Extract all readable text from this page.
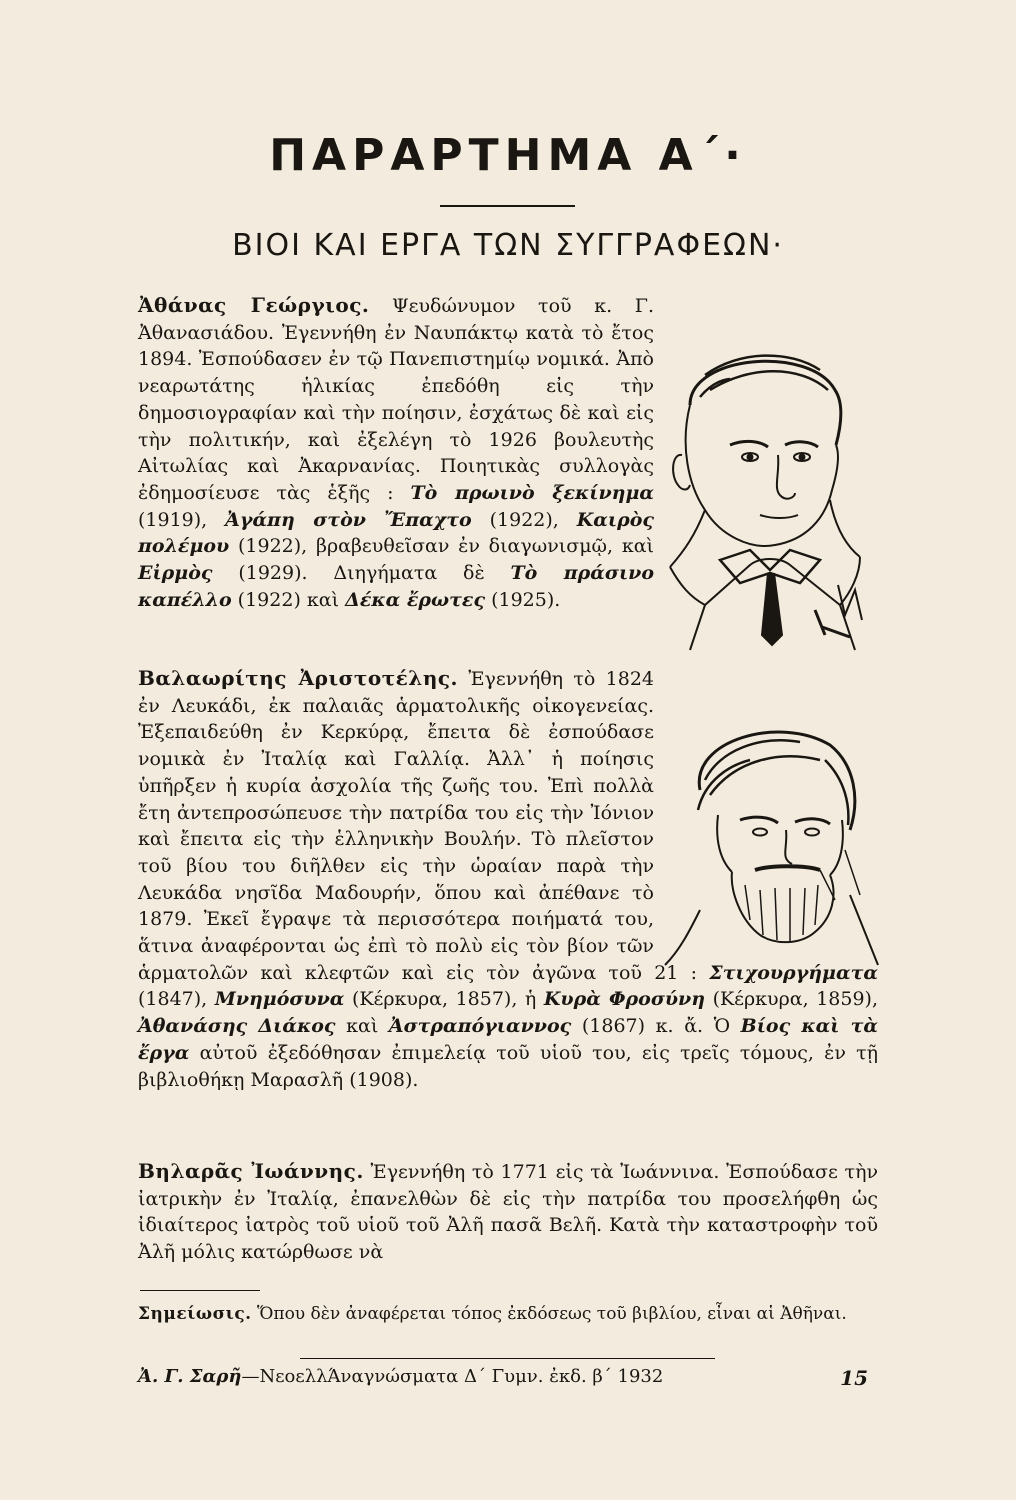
ΠΑΡΑΡΤΗΜΑ Α΄·
ΒΙΟΙ ΚΑΙ ΕΡΓΑ ΤΩΝ ΣΥΓΓΡΑΦΕΩΝ·
Ἀθάνας Γεώργιος. Ψευδώνυμον τοῦ κ. Γ. Ἀθανασιάδου. Ἐγεννήθη ἐν Ναυπάκτῳ κατὰ τὸ ἔτος 1894. Ἐσπούδασεν ἐν τῷ Πανεπιστημίῳ νομικά. Ἀπὸ νεαρωτάτης ἡλικίας ἐπεδόθη εἰς τὴν δημοσιογραφίαν καὶ τὴν ποίησιν, ἐσχάτως δὲ καὶ εἰς τὴν πολιτικήν, καὶ ἐξελέγη τὸ 1926 βουλευτὴς Αἰτωλίας καὶ Ἀκαρνανίας. Ποιητικὰς συλλογὰς ἐδημοσίευσε τὰς ἑξῆς : Τὸ πρωινὸ ξεκίνημα (1919), Ἀγάπη στὸν Ἔπαχτο (1922), Καιρὸς πολέμου (1922), βραβευθεῖσαν ἐν διαγωνισμῷ, καὶ Εἰρμὸς (1929). Διηγήματα δὲ Τὸ πράσινο καπέλλο (1922) καὶ Δέκα ἔρωτες (1925).
Βαλαωρίτης Ἀριστοτέλης. Ἐγεννήθη τὸ 1824 ἐν Λευκάδι, ἐκ παλαιᾶς ἁρματολικῆς οἰκογενείας. Ἐξεπαιδεύθη ἐν Κερκύρᾳ, ἔπειτα δὲ ἐσπούδασε νομικὰ ἐν Ἰταλίᾳ καὶ Γαλλίᾳ. Ἀλλ᾽ ἡ ποίησις ὑπῆρξεν ἡ κυρία ἀσχολία τῆς ζωῆς του. Ἐπὶ πολλὰ ἔτη ἀντεπροσώπευσε τὴν πατρίδα του εἰς τὴν Ἰόνιον καὶ ἔπειτα εἰς τὴν ἑλληνικὴν Βουλήν. Τὸ πλεῖστον τοῦ βίου του διῆλθεν εἰς τὴν ὡραίαν παρὰ τὴν Λευκάδα νησῖδα Μαδουρήν, ὅπου καὶ ἀπέθανε τὸ 1879. Ἐκεῖ ἔγραψε τὰ περισσότερα ποιήματά του, ἅτινα ἀναφέρονται ὡς ἐπὶ τὸ πολὺ εἰς τὸν βίον τῶν ἁρματολῶν καὶ κλεφτῶν καὶ εἰς τὸν ἀγῶνα τοῦ 21 : Στιχουργήματα (1847), Μνημόσυνα (Κέρκυρα, 1857), ἡ Κυρὰ Φροσύνη (Κέρκυρα, 1859), Ἀθανάσης Διάκος καὶ Ἀστραπόγιαννος (1867) κ. ἄ. Ὁ Βίος καὶ τὰ ἔργα αὐτοῦ ἐξεδόθησαν ἐπιμελείᾳ τοῦ υἱοῦ του, εἰς τρεῖς τόμους, ἐν τῇ βιβλιοθήκῃ Μαρασλῆ (1908).
Βηλαρᾶς Ἰωάννης. Ἐγεννήθη τὸ 1771 εἰς τὰ Ἰωάννινα. Ἐσπούδασε τὴν ἰατρικὴν ἐν Ἰταλίᾳ, ἐπανελθὼν δὲ εἰς τὴν πατρίδα του προσελήφθη ὡς ἰδιαίτερος ἰατρὸς τοῦ υἱοῦ τοῦ Ἀλῆ πασᾶ Βελῆ. Κατὰ τὴν καταστροφὴν τοῦ Ἀλῆ μόλις κατώρθωσε νὰ
Σημείωσις. Ὅπου δὲν ἀναφέρεται τόπος ἐκδόσεως τοῦ βιβλίου, εἶναι αἱ Ἀθῆναι.
Ἀ. Γ. Σαρῆ—ΝεοελλΆναγνώσματα Δ΄ Γυμν. ἐκδ. β΄ 1932	15
